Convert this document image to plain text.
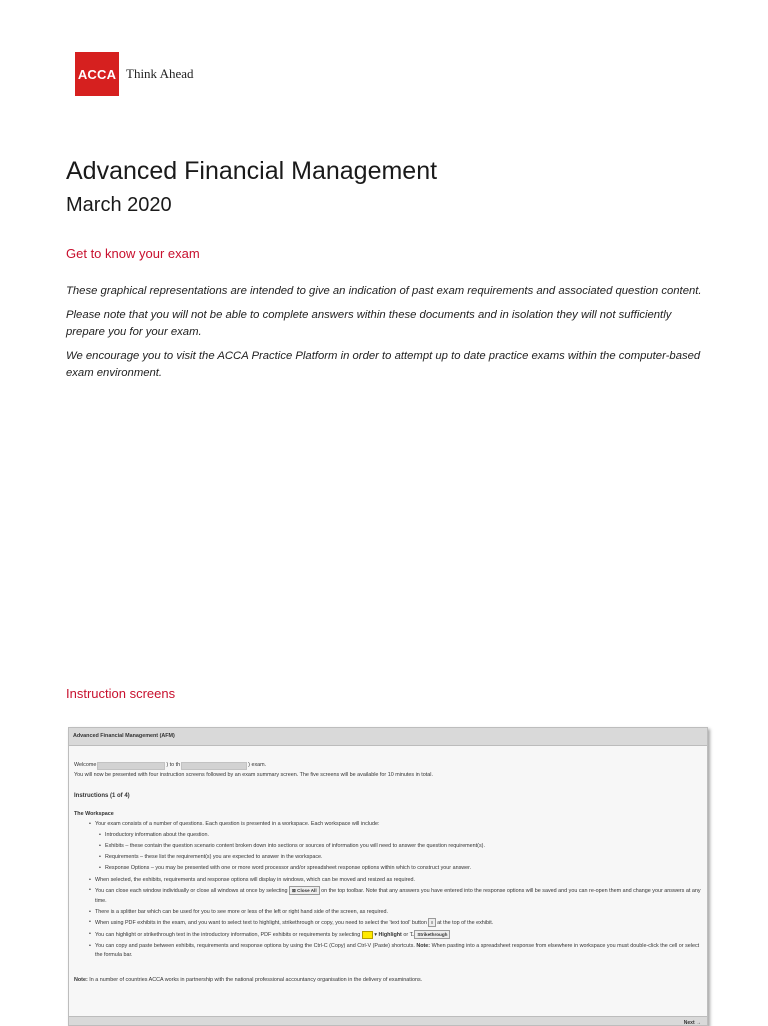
ACCA Think Ahead
Advanced Financial Management
March 2020
Get to know your exam

These graphical representations are intended to give an indication of past exam requirements and associated question content.

Please note that you will not be able to complete answers within these documents and in isolation they will not sufficiently prepare you for your exam.

We encourage you to visit the ACCA Practice Platform in order to attempt up to date practice exams within the computer-based exam environment.

Instruction screens
Advanced Financial Management (AFM)
Welcome	) to th	) exam.
You will now be presented with four instruction screens followed by an exam summary screen. The five screens will be available for 10 minutes in total.
Instructions (1 of 4)
The Workspace
• Your exam consists of a number of questions. Each question is presented in a workspace. Each workspace will include:
• Introductory information about the question.
• Exhibits – these contain the question scenario content broken down into sections or sources of information you will need to answer the question requirement(s).
• Requirements – these list the requirement(s) you are expected to answer in the workspace.
• Response Options – you may be presented with one or more word processor and/or spreadsheet response options within which to construct your answer.
• When selected, the exhibits, requirements and response options will display in windows, which can be moved and resized as required.
• You can close each window individually or close all windows at once by selecting ⊠ Close All on the top toolbar. Note that any answers you have entered into the response options will be saved and you can re-open them and change your answers at any time.
• There is a splitter bar which can be used for you to see more or less of the left or right hand side of the screen, as required.
• When using PDF exhibits in the exam, and you want to select text to highlight, strikethrough or copy, you need to select the 'text tool' button I at the top of the exhibit.
• You can highlight or strikethrough text in the introductory information, PDF exhibits or requirements by selecting	▾ Highlight or T̶ Strikethrough
• You can copy and paste between exhibits, requirements and response options by using the Ctrl-C (Copy) and Ctrl-V (Paste) shortcuts. Note: When pasting into a spreadsheet response from elsewhere in workspace you must double-click the cell or select the formula bar.
Note: In a number of countries ACCA works in partnership with the national professional accountancy organisation in the delivery of examinations.
Next →
